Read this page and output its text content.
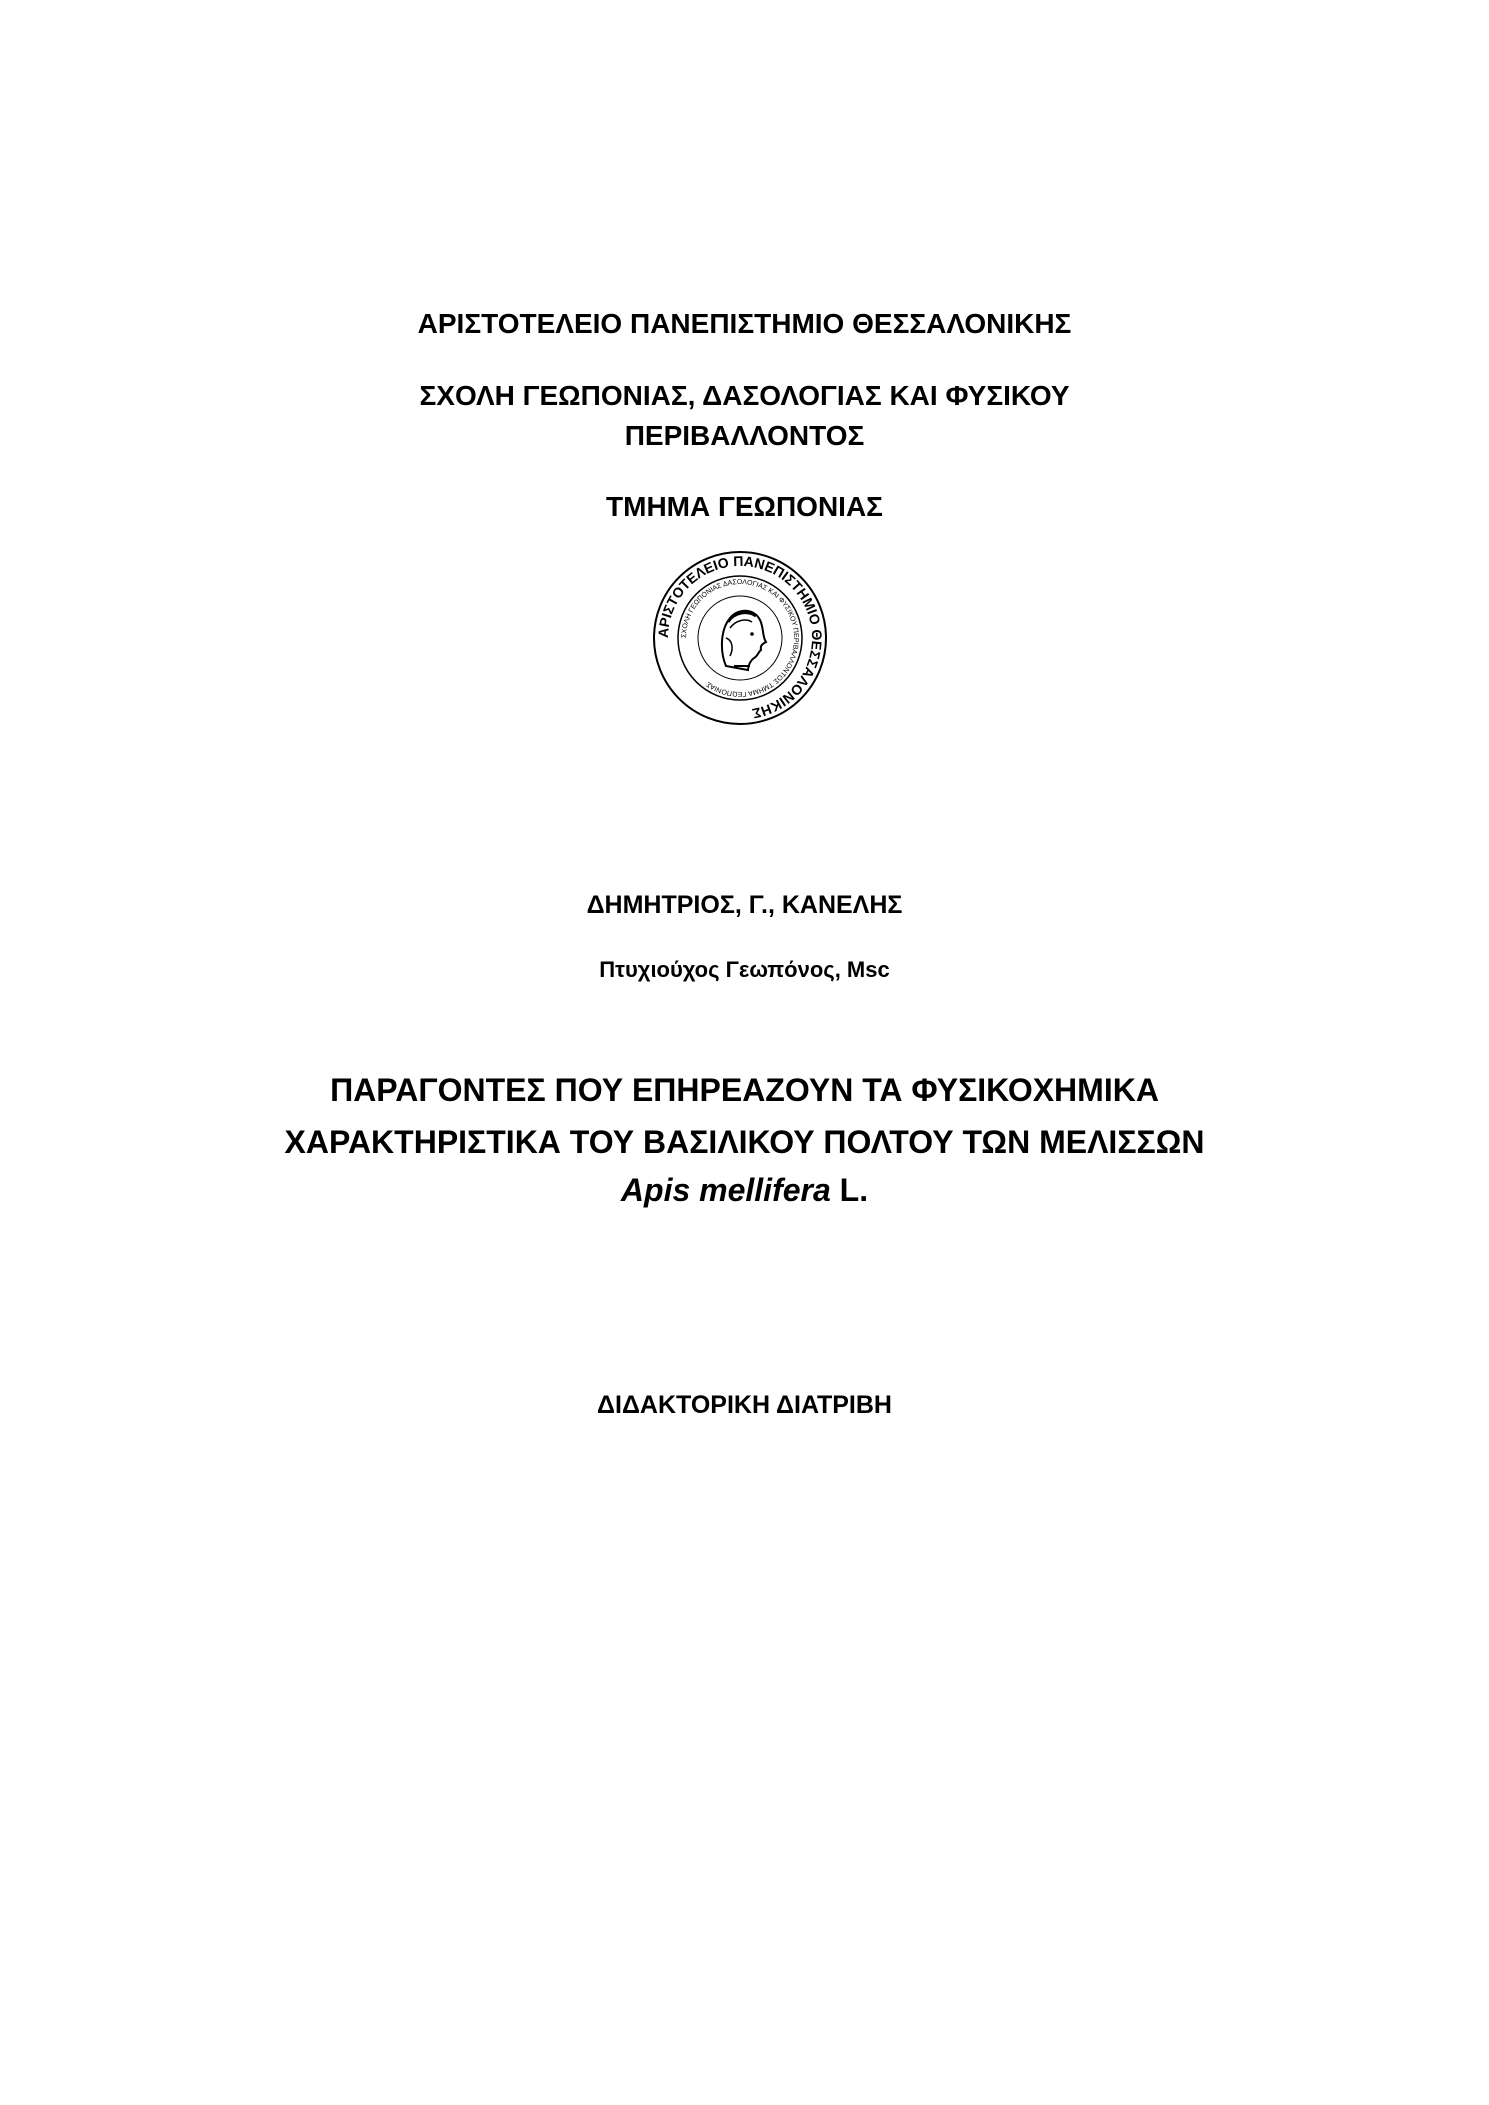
ΑΡΙΣΤΟΤΕΛΕΙΟ ΠΑΝΕΠΙΣΤΗΜΙΟ ΘΕΣΣΑΛΟΝΙΚΗΣ
ΣΧΟΛΗ ΓΕΩΠΟΝΙΑΣ, ΔΑΣΟΛΟΓΙΑΣ ΚΑΙ ΦΥΣΙΚΟΥ
ΠΕΡΙΒΑΛΛΟΝΤΟΣ
ΤΜΗΜΑ ΓΕΩΠΟΝΙΑΣ
ΑΡΙΣΤΟΤΕΛΕΙΟ ΠΑΝΕΠΙΣΤΗΜΙΟ ΘΕΣΣΑΛΟΝΙΚΗΣ
ΣΧΟΛΗ ΓΕΩΠΟΝΙΑΣ ΔΑΣΟΛΟΓΙΑΣ ΚΑΙ ΦΥΣΙΚΟΥ ΠΕΡΙΒΑΛΛΟΝΤΟΣ ΤΜΗΜΑ ΓΕΩΠΟΝΙΑΣ
ΔΗΜΗΤΡΙΟΣ, Γ., ΚΑΝΕΛΗΣ
Πτυχιούχος Γεωπόνος, Msc
ΠΑΡΑΓΟΝΤΕΣ ΠΟΥ ΕΠΗΡΕΑΖΟΥΝ ΤΑ ΦΥΣΙΚΟΧΗΜΙΚΑ
ΧΑΡΑΚΤΗΡΙΣΤΙΚΑ ΤΟΥ ΒΑΣΙΛΙΚΟΥ ΠΟΛΤΟΥ ΤΩΝ ΜΕΛΙΣΣΩΝ
Apis mellifera L.
ΔΙΔΑΚΤΟΡΙΚΗ ΔΙΑΤΡΙΒΗ
